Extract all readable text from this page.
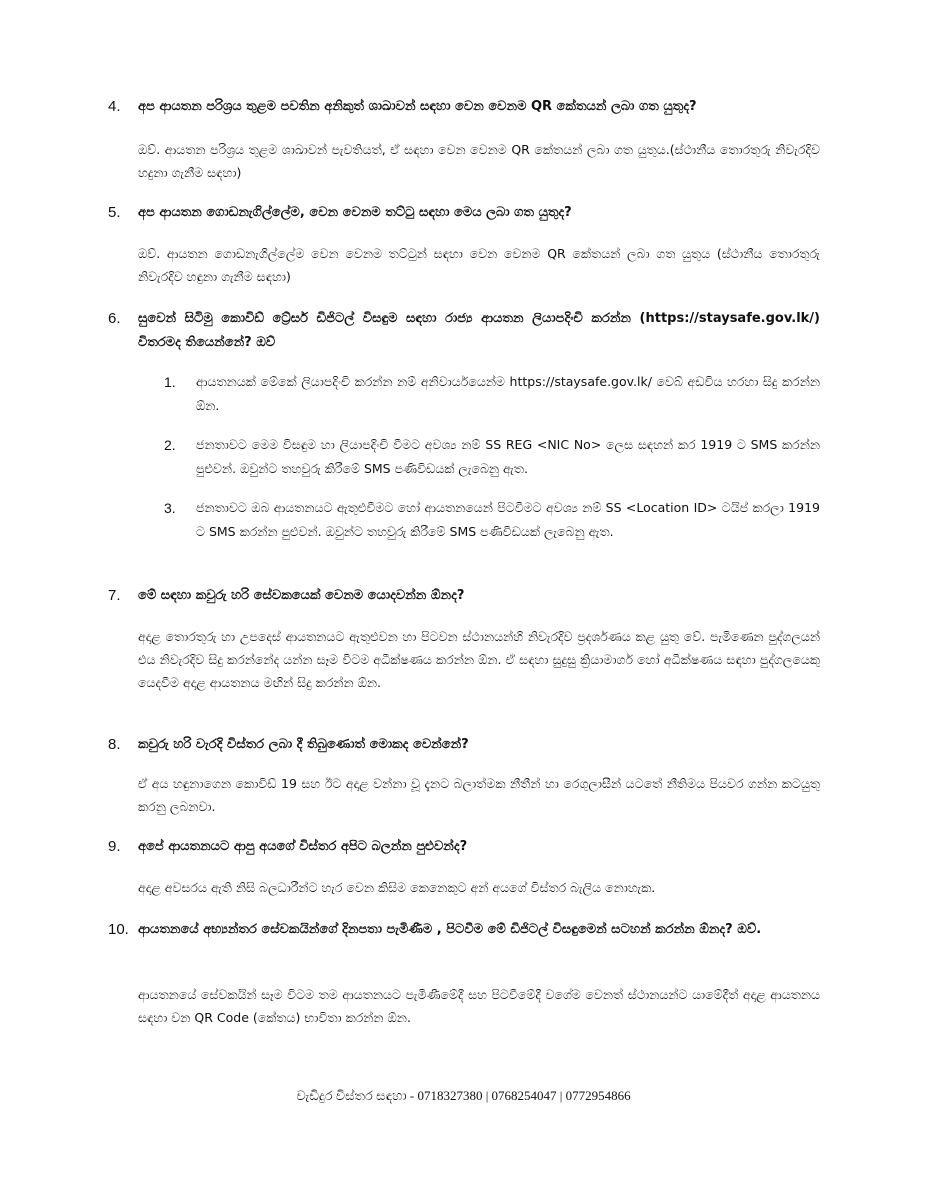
4.	අප ආයතන පරිශ්‍රය තුළම පවතින අනිකුත් ශාඛාවන් සඳහා වෙන වෙනම QR කේතයන් ලබා ගත යුතුද?
ඔව්. ආයතන පරිශ්‍රය තුළම ශාඛාවන් පැවතියත්, ඒ සඳහා වෙන වෙනම QR කේතයන් ලබා ගත යුතුය.(ස්ථානීය තොරතුරු නිවැරදිව හදුනා ගැනීම සඳහා)
5.	අප ආයතන ගොඩනැගිල්ලේම, වෙන වෙනම තට්ටු සඳහා මෙය ලබා ගත යුතුද?
ඔව්. ආයතන ගොඩනැගිල්ලේම වෙන වෙනම තට්ටුන් සඳහා වෙන වෙනම QR කේතයන් ලබා ගත යුතුය (ස්ථානීය තොරතුරු නිවැරදිව හඳුනා ගැනීම සඳහා)
6.	සුවෙන් සිටිමු කොවිඩ් ට්‍රේසර් ඩිජිටල් විසඳුම සඳහා රාජ්‍ය ආයතන ලියාපදිංචි කරන්න (https://staysafe.gov.lk/) විතරමද තියෙන්නේ? ඔව්
1.	ආයතනයක් මේකේ ලියාපදිංචි කරන්න නම් අනිවාර්යයෙන්ම https://staysafe.gov.lk/ වෙබ් අඩවිය හරහා සිදු කරන්න ඕන.
2.	ජනතාවට මෙම විසඳුම හා ලියාපදිංචි වීමට අවශ්‍ය නම් SS REG <NIC No> ලෙස සඳහන් කර 1919 ට SMS කරන්න පුළුවන්. ඔවුන්ට තහවුරු කිරීමේ SMS පණිවිඩයක් ලැබෙනු ඇත.
3.	ජනතාවට ඔබ ආයතනයට ඇතුළුවීමට හෝ ආයතනයෙන් පිටවීමට අවශ්‍ය නම් SS <Location ID> ටයිප් කරලා 1919 ට SMS කරන්න පුළුවන්. ඔවුන්ට තහවුරු කිරීමේ SMS පණිවිඩයක් ලැබෙනු ඇත.
7.	මේ සඳහා කවුරු හරි සේවකයෙක් වෙනම යොදවන්න ඕනද?
අදාළ තොරතුරු හා උපදෙස් ආයතනයට ඇතුළුවන හා පිටවන ස්ථානයන්හි නිවැරදිව ප්‍රදර්ශණය කළ යුතු වේ. පැමිණෙන පුද්ගලයන් එය නිවැරදිව සිදු කරන්නේද යන්න සෑම විටම අධීක්ෂණය කරන්න ඕන. ඒ සඳහා සුදුසු ක්‍රියාමාර්ග හෝ අධීක්ෂණය සඳහා පුද්ගලයෙකු යෙදවීම අදාළ ආයතනය මඟින් සිදු කරන්න ඕන.
8.	කවුරු හරි වැරදි විස්තර ලබා දී තිබුණොත් මොකද වෙන්නේ?
ඒ අය හඳුනාගෙන කොවිඩ් 19 සහ ඊට අදාළ වන්නා වූ දැනට බලාත්මක නීතීන් හා රෙගුලාසීන් යටතේ නීතිමය පියවර ගන්න කටයුතු කරනු ලබනවා.
9.	අපේ ආයතනයට ආපු අයගේ විස්තර අපිට බලන්න පුළුවන්ද?
අදාළ අවසරය ඇති නිසි බලධාරීන්ට හැර වෙන කිසිම කෙනෙකුට අන් අයගේ විස්තර බැලිය නොහැක.
10. ආයතනයේ අභ්‍යන්තර සේවකයින්ගේ දිනපතා පැමිණීම , පිටවීම මේ ඩිජිටල් විසඳුමෙන් සටහන් කරන්න ඕනද? ඔව්.
ආයතනයේ සේවකයින් සෑම විටම තම ආයතනයට පැමිණීමේදී සහ පිටවීමේදී වගේම වෙනත් ස්ථානයන්ට යාමේදීත් අදාළ ආයතනය සඳහා වන QR Code (කේතය) භාවිතා කරන්න ඕන.
වැඩිදුර විස්තර සඳහා - 0718327380 | 0768254047 | 0772954866
